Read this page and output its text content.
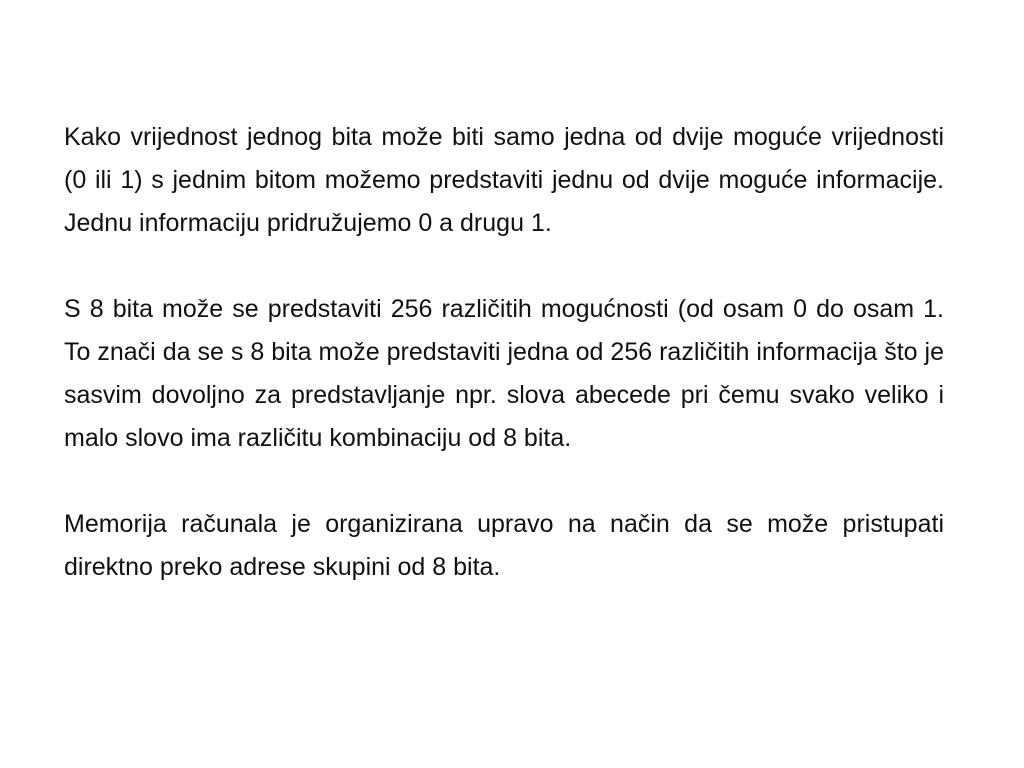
Kako vrijednost jednog bita može biti samo jedna od dvije moguće vrijednosti (0 ili 1) s jednim bitom možemo predstaviti jednu od dvije moguće informacije. Jednu informaciju pridružujemo 0 a drugu 1.

S 8 bita može se predstaviti 256 različitih mogućnosti (od osam 0 do osam 1. To znači da se s 8 bita može predstaviti jedna od 256 različitih informacija što je sasvim dovoljno za predstavljanje npr. slova abecede pri čemu svako veliko i malo slovo ima različitu kombinaciju od 8 bita.

Memorija računala je organizirana upravo na način da se može pristupati direktno preko adrese skupini od 8 bita.
